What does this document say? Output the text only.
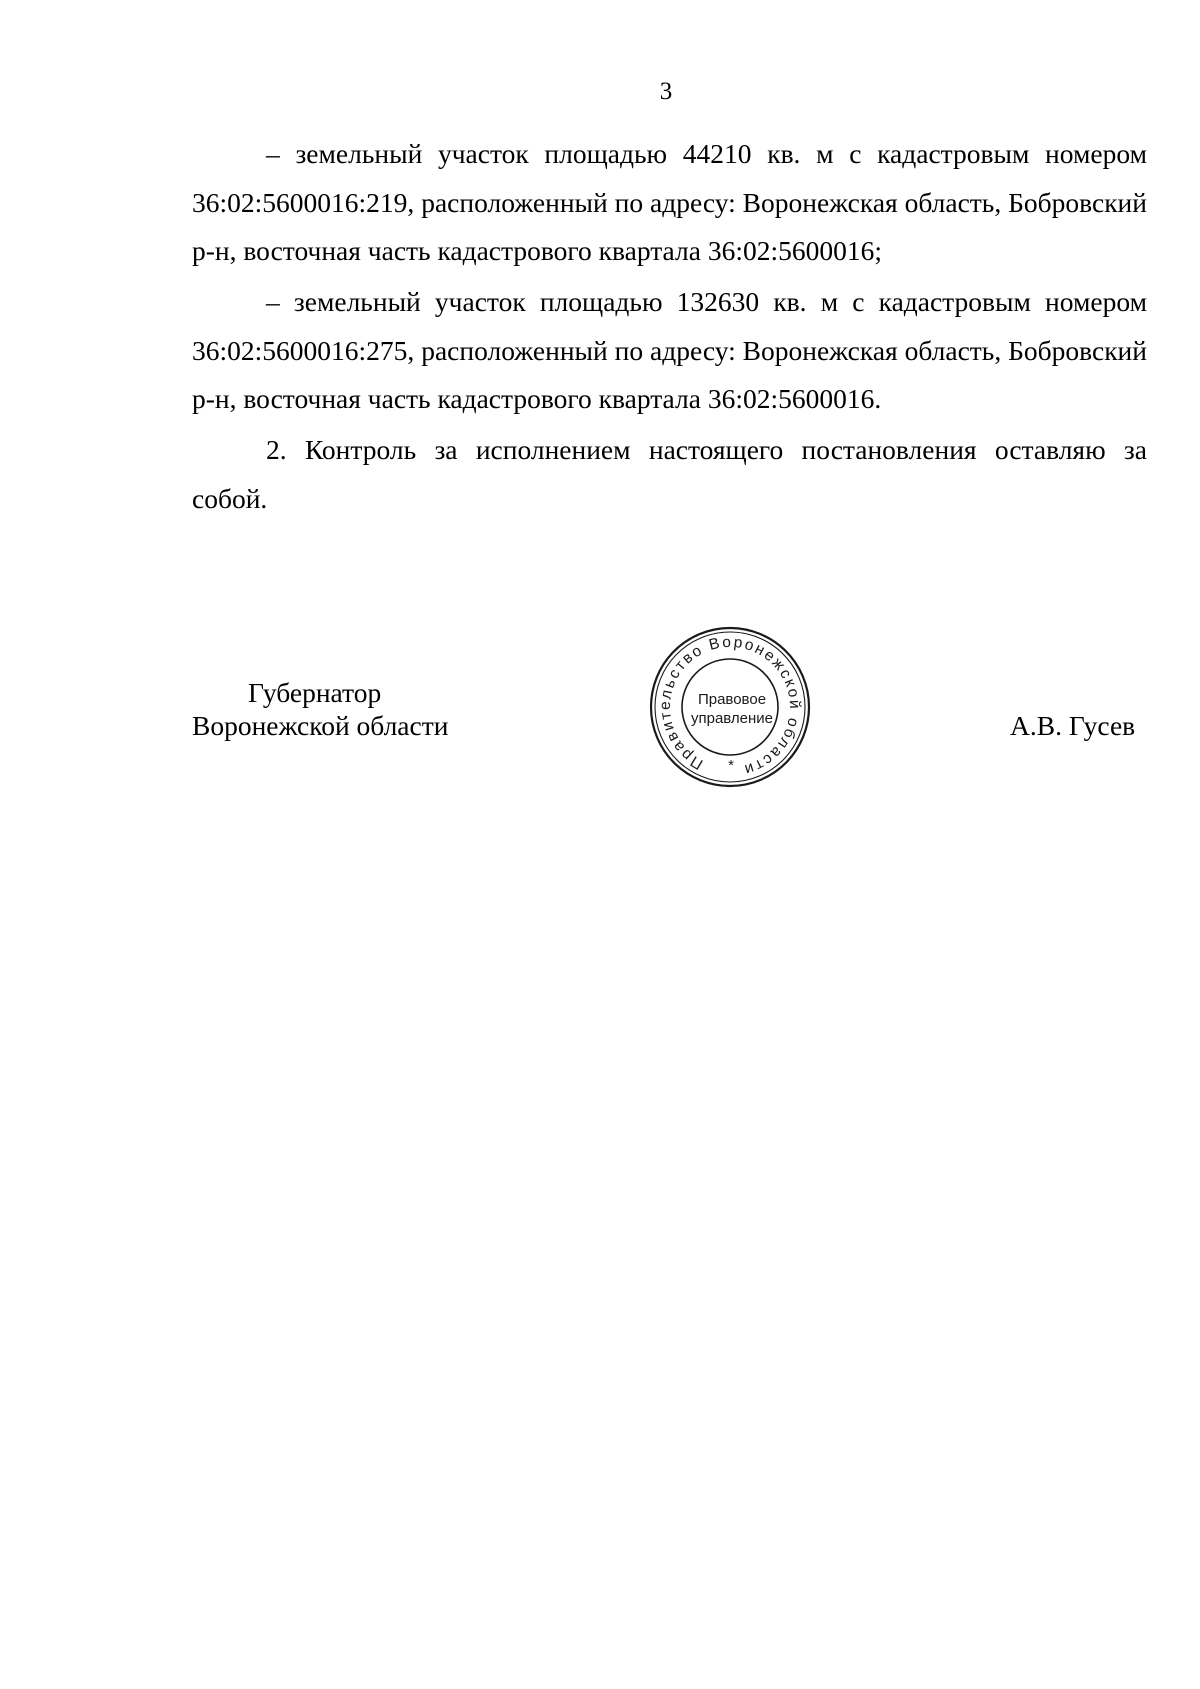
3

– земельный участок площадью 44210 кв. м с кадастровым номером 36:02:5600016:219, расположенный по адресу: Воронежская область, Бобровский р-н, восточная часть кадастрового квартала 36:02:5600016;

– земельный участок площадью 132630 кв. м с кадастровым номером 36:02:5600016:275, расположенный по адресу: Воронежская область, Бобровский р-н, восточная часть кадастрового квартала 36:02:5600016.

2. Контроль за исполнением настоящего постановления оставляю за собой.

Губернатор
Воронежской области
Правительство Воронежской области
Правовое
управление
*
А.В. Гусев
